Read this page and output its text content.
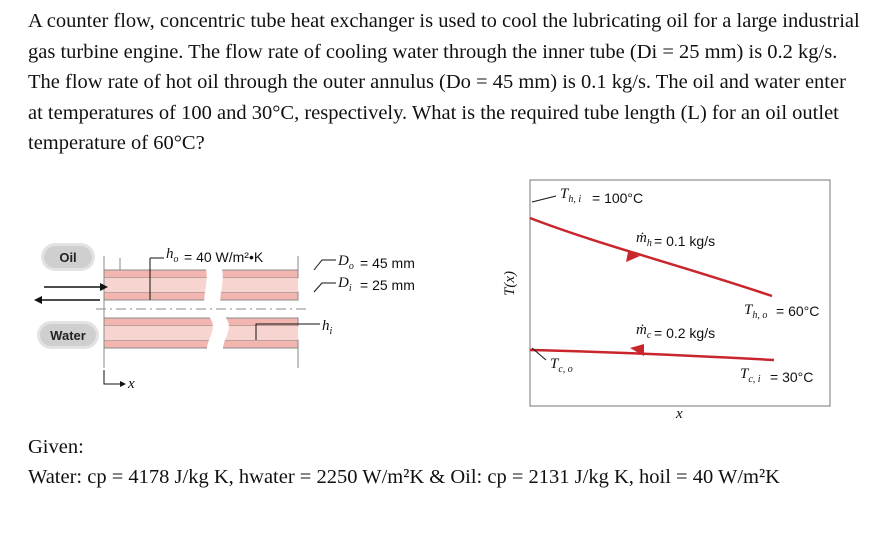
A counter flow, concentric tube heat exchanger is used to cool the lubricating oil for a large industrial gas turbine engine. The flow rate of cooling water through the inner tube (Di = 25 mm) is 0.2 kg/s. The flow rate of hot oil through the outer annulus (Do = 45 mm) is 0.1 kg/s. The oil and water enter at temperatures of 100 and 30°C, respectively. What is the required tube length (L) for an oil outlet temperature of 60°C?

Oil
Water
$h_o = 40$ W/m²•K	$D_o = 45$ mm
$D_i = 25$ mm
$h_i$
x
T(x)
x
$T_{h, i} = 100^\circ C$
ṁ$_h$ = 0.1 kg/s
$T_{h, o} = 60^\circ C$
ṁ$_c$ = 0.2 kg/s
$T_{c, o}$	$T_{c, i} = 30^\circ C$

Given:

Water: cp = 4178 J/kg K, hwater = 2250 W/m²K & Oil: cp = 2131 J/kg K, hoil = 40 W/m²K
